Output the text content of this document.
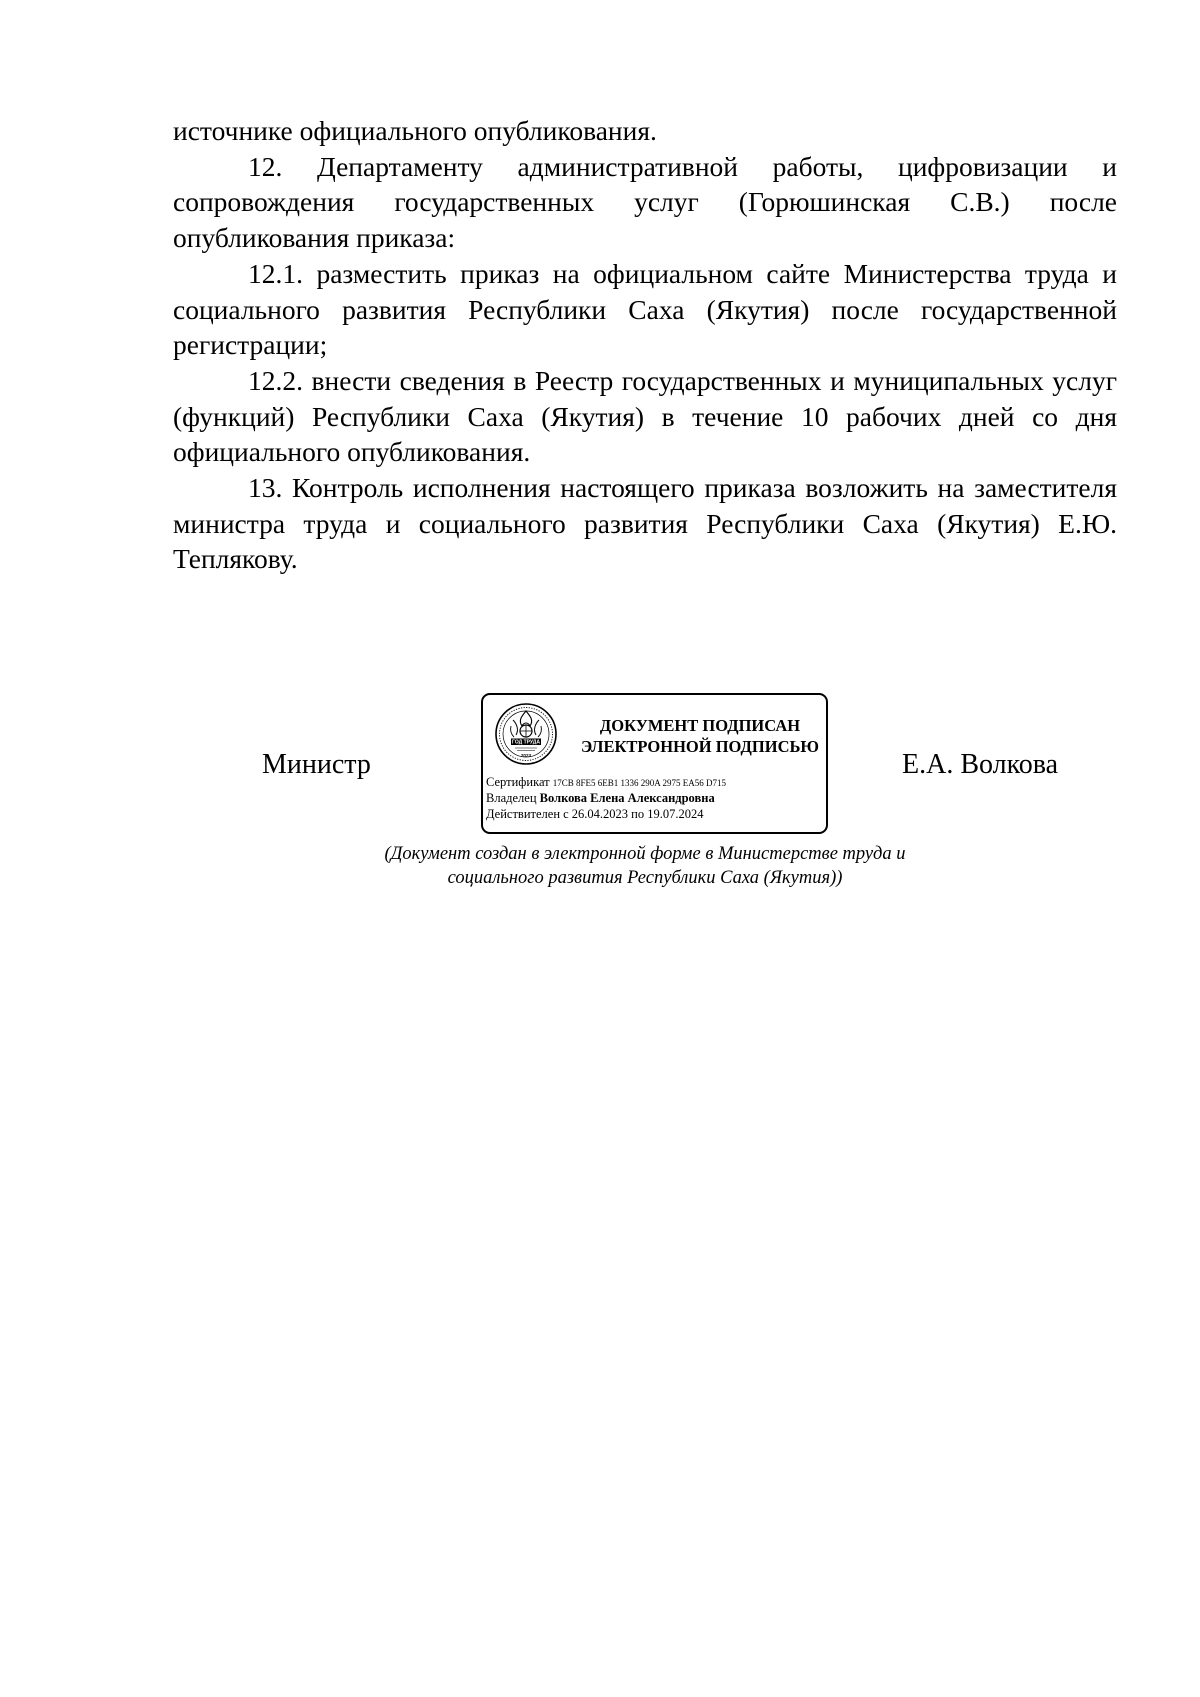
источнике официального опубликования.

12. Департаменту административной работы, цифровизации и сопровождения государственных услуг (Горюшинская С.В.) после опубликования приказа:

12.1. разместить приказ на официальном сайте Министерства труда и социального развития Республики Саха (Якутия) после государственной регистрации;

12.2. внести сведения в Реестр государственных и муниципальных услуг (функций) Республики Саха (Якутия) в течение 10 рабочих дней со дня официального опубликования.

13. Контроль исполнения настоящего приказа возложить на заместителя министра труда и социального развития Республики Саха (Якутия) Е.Ю. Теплякову.

Министр
ГОД ТРУДА
2023
ДОКУМЕНТ ПОДПИСАН
ЭЛЕКТРОННОЙ ПОДПИСЬЮ
Сертификат 17CB 8FE5 6EB1 1336 290A 2975 EA56 D715
Владелец Волкова Елена Александровна
Действителен с 26.04.2023 по 19.07.2024
Е.А. Волкова
(Документ создан в электронной форме в Министерстве труда и
социального развития Республики Саха (Якутия))
